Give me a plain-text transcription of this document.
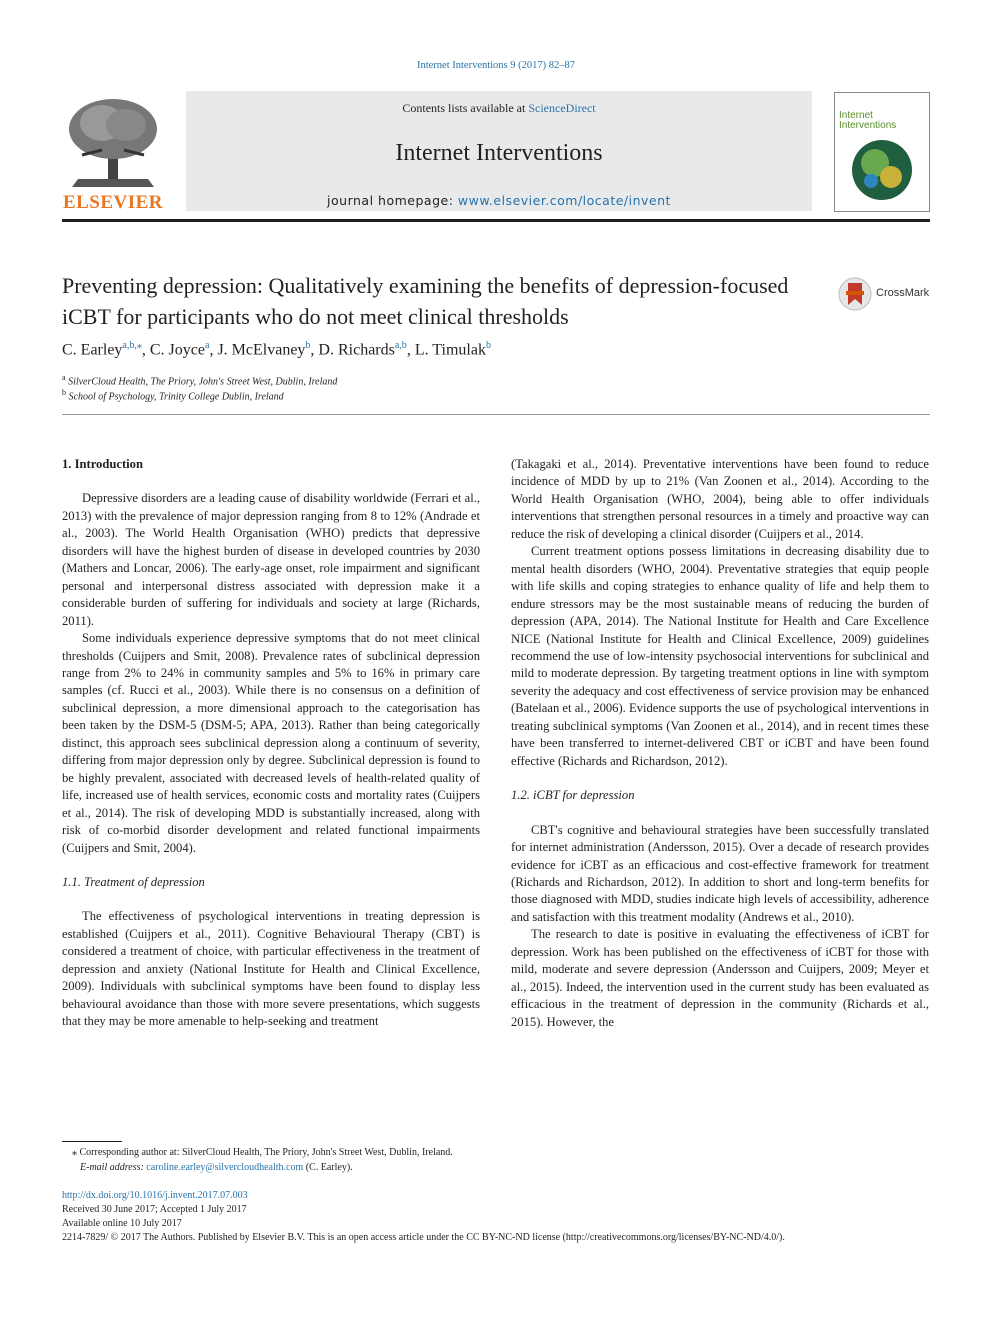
Internet Interventions 9 (2017) 82–87
ELSEVIER
Contents lists available at ScienceDirect
Internet Interventions
journal homepage: www.elsevier.com/locate/invent
Internet
Interventions
Preventing depression: Qualitatively examining the benefits of depression-focused iCBT for participants who do not meet clinical thresholds
CrossMark
C. Earley$^{a,b,⁎}$, C. Joyce$^a$, J. McElvaney$^b$, D. Richards$^{a,b}$, L. Timulak$^b$
$^a$ SilverCloud Health, The Priory, John's Street West, Dublin, Ireland
$^b$ School of Psychology, Trinity College Dublin, Ireland

1. Introduction

Depressive disorders are a leading cause of disability worldwide (Ferrari et al., 2013) with the prevalence of major depression ranging from 8 to 12% (Andrade et al., 2003). The World Health Organisation (WHO) predicts that depressive disorders will have the highest burden of disease in developed countries by 2030 (Mathers and Loncar, 2006). The early-age onset, role impairment and significant personal and interpersonal distress associated with depression make it a considerable burden of suffering for individuals and society at large (Richards, 2011).

Some individuals experience depressive symptoms that do not meet clinical thresholds (Cuijpers and Smit, 2008). Prevalence rates of subclinical depression range from 2% to 24% in community samples and 5% to 16% in primary care samples (cf. Rucci et al., 2003). While there is no consensus on a definition of subclinical depression, a more dimensional approach to the categorisation has been taken by the DSM-5 (DSM-5; APA, 2013). Rather than being categorically distinct, this approach sees subclinical depression along a continuum of severity, differing from major depression only by degree. Subclinical depression is found to be highly prevalent, associated with decreased levels of health-related quality of life, increased use of health services, economic costs and mortality rates (Cuijpers et al., 2014). The risk of developing MDD is substantially increased, along with risk of co-morbid disorder development and related functional impairments (Cuijpers and Smit, 2004).

1.1. Treatment of depression

The effectiveness of psychological interventions in treating depression is established (Cuijpers et al., 2011). Cognitive Behavioural Therapy (CBT) is considered a treatment of choice, with particular effectiveness in the treatment of depression and anxiety (National Institute for Health and Clinical Excellence, 2009). Individuals with subclinical symptoms have been found to display less behavioural avoidance than those with more severe presentations, which suggests that they may be more amenable to help-seeking and treatment

(Takagaki et al., 2014). Preventative interventions have been found to reduce incidence of MDD by up to 21% (Van Zoonen et al., 2014). According to the World Health Organisation (WHO, 2004), being able to offer individuals interventions that strengthen personal resources in a timely and proactive way can reduce the risk of developing a clinical disorder (Cuijpers et al., 2014.

Current treatment options possess limitations in decreasing disability due to mental health disorders (WHO, 2004). Preventative strategies that equip people with life skills and coping strategies to enhance quality of life and help them to endure stressors may be the most sustainable means of reducing the burden of depression (APA, 2014). The National Institute for Health and Care Excellence NICE (National Institute for Health and Clinical Excellence, 2009) guidelines recommend the use of low-intensity psychosocial interventions for subclinical and mild to moderate depression. By targeting treatment options in line with symptom severity the adequacy and cost effectiveness of service provision may be enhanced (Batelaan et al., 2006). Evidence supports the use of psychological interventions in treating subclinical symptoms (Van Zoonen et al., 2014), and in recent times these have been transferred to internet-delivered CBT or iCBT and have been found effective (Richards and Richardson, 2012).

1.2. iCBT for depression

CBT's cognitive and behavioural strategies have been successfully translated for internet administration (Andersson, 2015). Over a decade of research provides evidence for iCBT as an efficacious and cost-effective framework for treatment (Richards and Richardson, 2012). In addition to short and long-term benefits for those diagnosed with MDD, studies indicate high levels of accessibility, adherence and satisfaction with this treatment modality (Andrews et al., 2010).

The research to date is positive in evaluating the effectiveness of iCBT for depression. Work has been published on the effectiveness of iCBT for those with mild, moderate and severe depression (Andersson and Cuijpers, 2009; Meyer et al., 2015). Indeed, the intervention used in the current study has been evaluated as efficacious in the treatment of depression in the community (Richards et al., 2015). However, the

⁎ Corresponding author at: SilverCloud Health, The Priory, John's Street West, Dublin, Ireland.
E-mail address: caroline.earley@silvercloudhealth.com (C. Earley).
http://dx.doi.org/10.1016/j.invent.2017.07.003
Received 30 June 2017; Accepted 1 July 2017
Available online 10 July 2017
2214-7829/ © 2017 The Authors. Published by Elsevier B.V. This is an open access article under the CC BY-NC-ND license (http://creativecommons.org/licenses/BY-NC-ND/4.0/).
